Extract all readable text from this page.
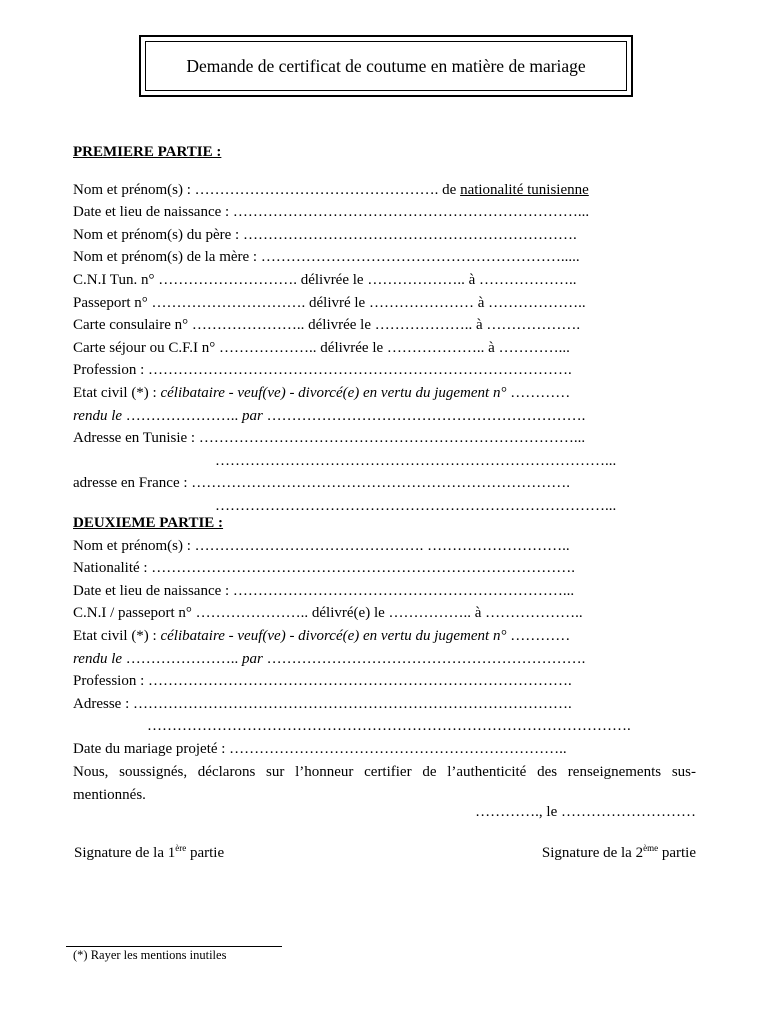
Demande de certificat de coutume en matière de mariage
PREMIERE PARTIE :
Nom et prénom(s) : …………………………………………. de nationalité tunisienne
Date et lieu de naissance : ……………………………………………………………...
Nom et prénom(s) du père : ………………………………………………………….
Nom et prénom(s) de la mère : …………………………………………………….....
C.N.I Tun. n° ………………………. délivrée le ……………….. à ………………..
Passeport n° …………………………. délivré le ………………… à ………………..
Carte consulaire n° ………………….. délivrée le ……………….. à ……………….
Carte séjour ou C.F.I n° ……………….. délivrée le ……………….. à …………...
Profession : ………………………………………………………………………….
Etat civil (*) : célibataire - veuf(ve) - divorcé(e) en vertu du jugement n° …………
rendu le ………………….. par ……………………………………………………….
Adresse en Tunisie : …………………………………………………………………...
……………………………………………………………………...
adresse en France : ………………………………………………………………….
……………………………………………………………………...
DEUXIEME PARTIE :
Nom et prénom(s) : ………………………………………. ………………………..
Nationalité : ………………………………………………………………………….
Date et lieu de naissance : …………………………………………………………...
C.N.I / passeport n° ………………….. délivré(e) le …………….. à ………………..
Etat civil (*) : célibataire - veuf(ve) - divorcé(e) en vertu du jugement n° …………
rendu le ………………….. par ……………………………………………………….
Profession : ………………………………………………………………………….
Adresse : …………………………………………………………………………….
…………………………………………………………………………………….
Date du mariage projeté : …………………………………………………………..
Nous, soussignés, déclarons sur l’honneur certifier de l’authenticité des renseignements sus-mentionnés.
…………., le ………………………
Signature de la 1ère partie	Signature de la 2ème partie
(*) Rayer les mentions inutiles
